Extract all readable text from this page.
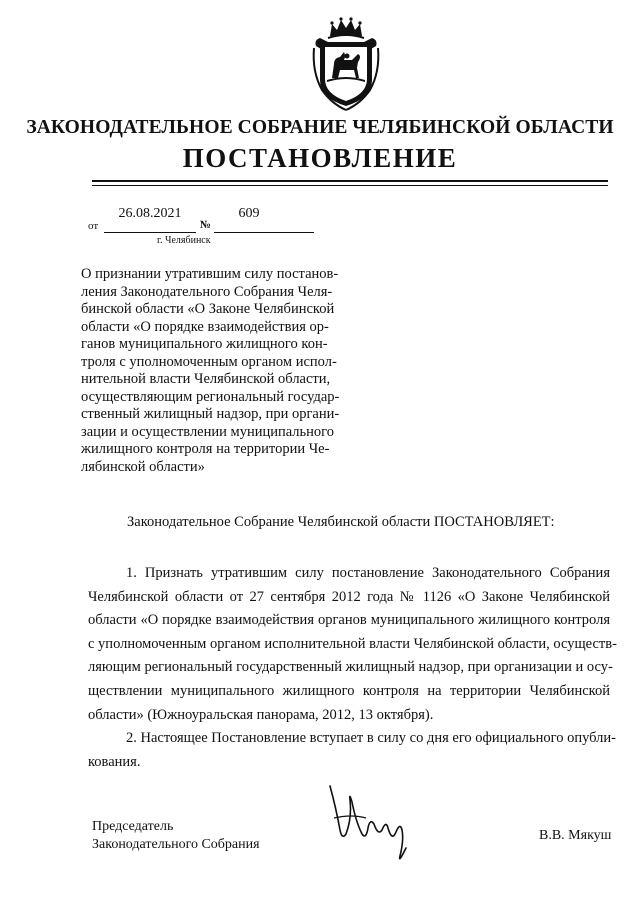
ЗАКОНОДАТЕЛЬНОЕ СОБРАНИЕ ЧЕЛЯБИНСКОЙ ОБЛАСТИ
ПОСТАНОВЛЕНИЕ
от
26.08.2021
№
609
г. Челябинск
О признании утратившим силу постанов-
ления Законодательного Собрания Челя-
бинской области «О Законе Челябинской
области «О порядке взаимодействия ор-
ганов муниципального жилищного кон-
троля с уполномоченным органом испол-
нительной власти Челябинской области,
осуществляющим региональный государ-
ственный жилищный надзор, при органи-
зации и осуществлении муниципального
жилищного контроля на территории Че-
лябинской области»
Законодательное Собрание Челябинской области ПОСТАНОВЛЯЕТ:
1. Признать утратившим силу постановление Законодательного Собрания
Челябинской области от 27 сентября 2012 года № 1126 «О Законе Челябинской
области «О порядке взаимодействия органов муниципального жилищного контроля
с уполномоченным органом исполнительной власти Челябинской области, осуществ-
ляющим региональный государственный жилищный надзор, при организации и осу-
ществлении муниципального жилищного контроля на территории Челябинской
области» (Южноуральская панорама, 2012, 13 октября).
2. Настоящее Постановление вступает в силу со дня его официального опубли-
кования.
Председатель
Законодательного Собрания
В.В. Мякуш
